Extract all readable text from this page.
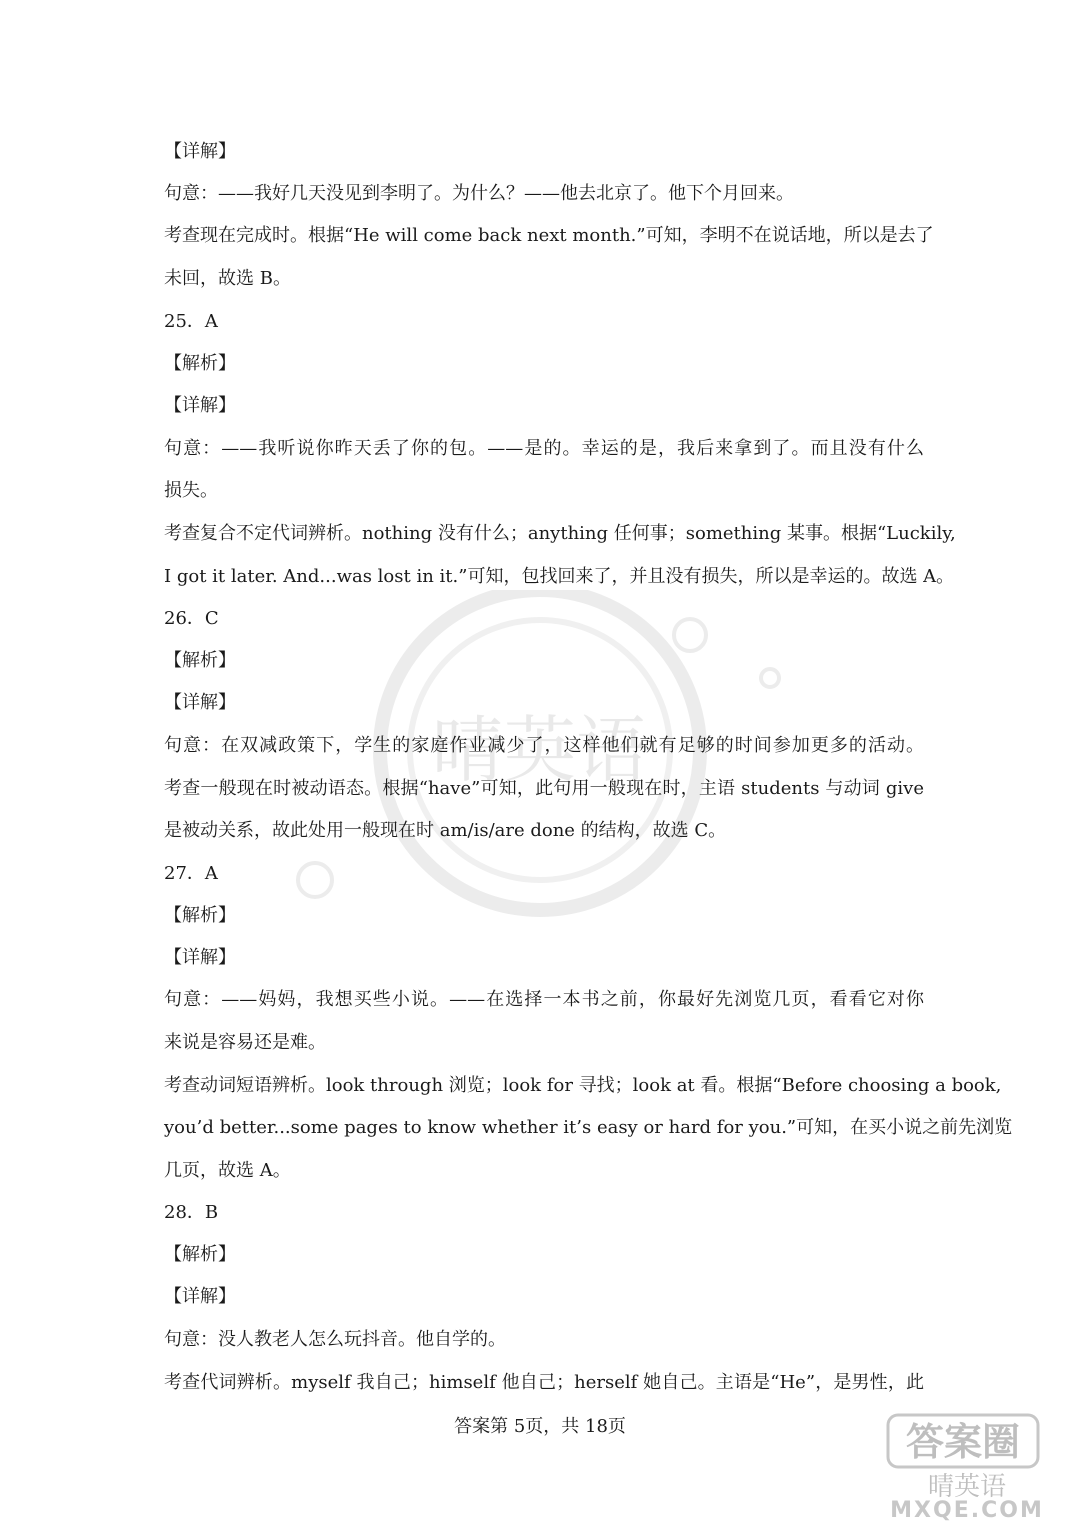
晴英语
【详解】
句意：——我好几天没见到李明了。为什么？——他去北京了。他下个月回来。
考查现在完成时。根据“He will come back next month.”可知，李明不在说话地，所以是去了
未回，故选 B。
25．A
【解析】
【详解】
句意：——我听说你昨天丢了你的包。——是的。幸运的是，我后来拿到了。而且没有什么
损失。
考查复合不定代词辨析。nothing 没有什么；anything 任何事；something 某事。根据“Luckily,
I got it later. And...was lost in it.”可知，包找回来了，并且没有损失，所以是幸运的。故选 A。
26．C
【解析】
【详解】
句意：在双减政策下，学生的家庭作业减少了，这样他们就有足够的时间参加更多的活动。
考查一般现在时被动语态。根据“have”可知，此句用一般现在时，主语 students 与动词 give
是被动关系，故此处用一般现在时 am/is/are done 的结构，故选 C。
27．A
【解析】
【详解】
句意：——妈妈，我想买些小说。——在选择一本书之前，你最好先浏览几页，看看它对你
来说是容易还是难。
考查动词短语辨析。look through 浏览；look for 寻找；look at 看。根据“Before choosing a book,
you’d better...some pages to know whether it’s easy or hard for you.”可知，在买小说之前先浏览
几页，故选 A。
28．B
【解析】
【详解】
句意：没人教老人怎么玩抖音。他自学的。
考查代词辨析。myself 我自己；himself 他自己；herself 她自己。主语是“He”，是男性，此
答案第 5页，共 18页	答案圈
晴英语
MXQE.COM
